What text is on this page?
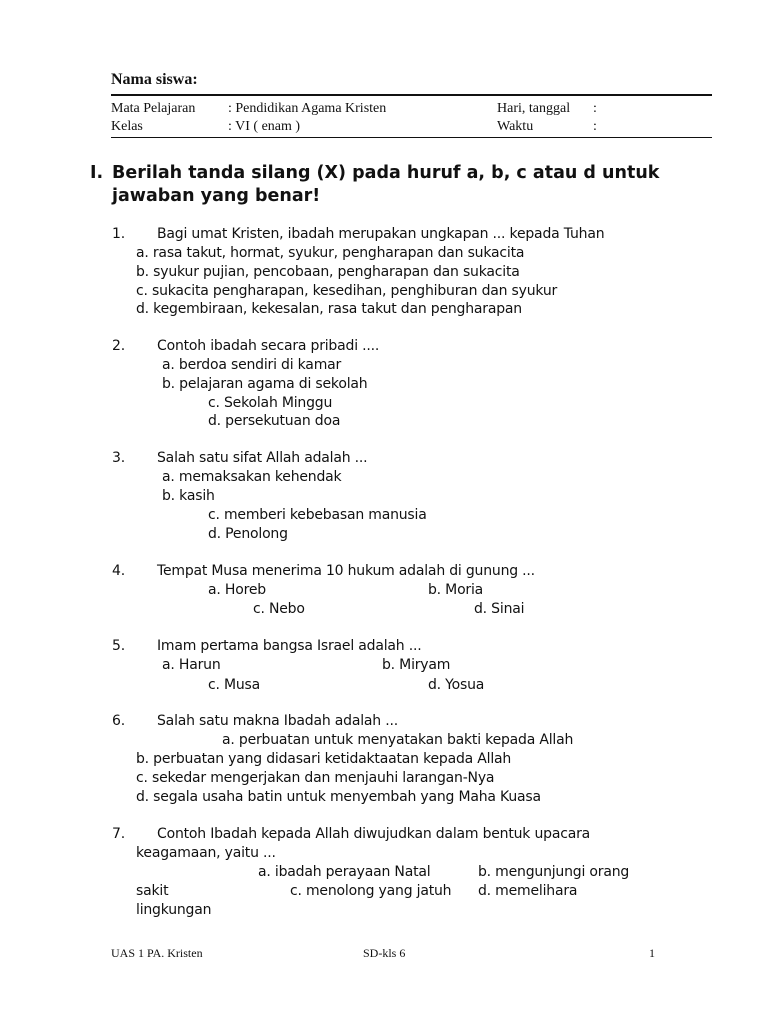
Nama siswa:
Mata Pelajaran : Pendidikan Agama Kristen	Hari, tanggal :
Kelas	: VI ( enam )	Waktu	:
I. Berilah tanda silang (X) pada huruf a, b, c atau d untuk
jawaban yang benar!
1. Bagi umat Kristen, ibadah merupakan ungkapan ... kepada Tuhan
a. rasa takut, hormat, syukur, pengharapan dan sukacita
b. syukur pujian, pencobaan, pengharapan dan sukacita
c. sukacita pengharapan, kesedihan, penghiburan dan syukur
d. kegembiraan, kekesalan, rasa takut dan pengharapan
2. Contoh ibadah secara pribadi ....
a. berdoa sendiri di kamar
b. pelajaran agama di sekolah
c. Sekolah Minggu
d. persekutuan doa
3. Salah satu sifat Allah adalah ...
a. memaksakan kehendak
b. kasih
c. memberi kebebasan manusia
d. Penolong
4. Tempat Musa menerima 10 hukum adalah di gunung ...
a. Horeb	b. Moria
c. Nebo	d. Sinai
5. Imam pertama bangsa Israel adalah ...
a. Harun	b. Miryam
c. Musa	d. Yosua
6. Salah satu makna Ibadah adalah ...
a. perbuatan untuk menyatakan bakti kepada Allah
b. perbuatan yang didasari ketidaktaatan kepada Allah
c. sekedar mengerjakan dan menjauhi larangan-Nya
d. segala usaha batin untuk menyembah yang Maha Kuasa
7. Contoh Ibadah kepada Allah diwujudkan dalam bentuk upacara
keagamaan, yaitu ...
a. ibadah perayaan Natal	b. mengunjungi orang
sakit	c. menolong yang jatuh d. memelihara
lingkungan
UAS 1 PA. Kristen	SD-kls 6	1
